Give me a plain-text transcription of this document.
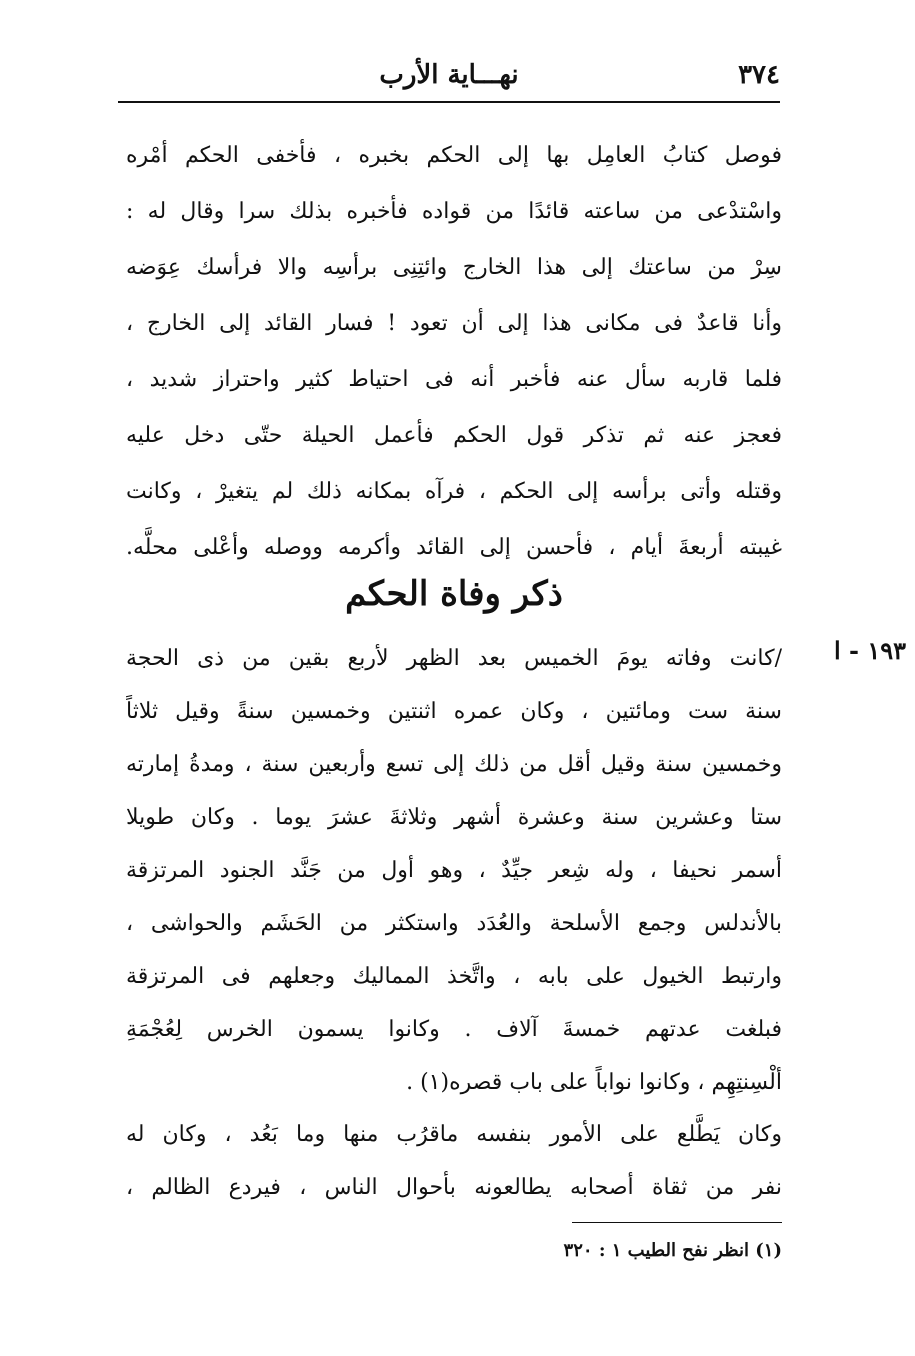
٣٧٤
نهـــاية الأرب
فوصل كتابُ العامِل بها إلى الحكم بخبره ، فأخفى الحكم أمْره
واسْتدْعى من ساعته قائدًا من قواده فأخبره بذلك سرا وقال له :
سِرْ من ساعتك إلى هذا الخارج وائتِنِى برأسِه والا فرأسك عِوَضه
وأنا قاعدٌ فى مكانى هذا إلى أن تعود ! فسار القائد إلى الخارج ،
فلما قاربه سأل عنه فأخبر أنه فى احتياط كثير واحتراز شديد ،
فعجز عنه ثم تذكر قول الحكم فأعمل الحيلة حتّى دخل عليه
وقتله وأتى برأسه إلى الحكم ، فرآه بمكانه ذلك لم يتغيرْ ، وكانت
غيبته أربعةَ أيام ، فأحسن إلى القائد وأكرمه ووصله وأعْلى محلَّه.
ذكر وفاة الحكم
١٩٣ - ا
/كانت وفاته يومَ الخميس بعد الظهر لأربع بقين من ذى الحجة
سنة ست ومائتين ، وكان عمره اثنتين وخمسين سنةً وقيل ثلاثاً
وخمسين سنة وقيل أقل من ذلك إلى تسع وأربعين سنة ، ومدةُ إمارته
ستا وعشرين سنة وعشرة أشهر وثلاثةَ عشرَ يوما . وكان طويلا
أسمر نحيفا ، وله شِعر جيِّدٌ ، وهو أول من جَنَّد الجنود المرتزقة
بالأندلس وجمع الأسلحة والعُدَد واستكثر من الحَشَم والحواشى ،
وارتبط الخيول على بابه ، واتَّخذ المماليك وجعلهم فى المرتزقة
فبلغت عدتهم خمسةَ آلاف . وكانوا يسمون الخرس لِعُجْمَةِ
ألْسِنتِهِم ، وكانوا نواباً على باب قصره(١) .
وكان يَطَّلع على الأمور بنفسه ماقرُب منها وما بَعُد ، وكان له
نفر من ثقاة أصحابه يطالعونه بأحوال الناس ، فيردع الظالم ،
(١) انظر نفح الطيب ١ : ٣٢٠
